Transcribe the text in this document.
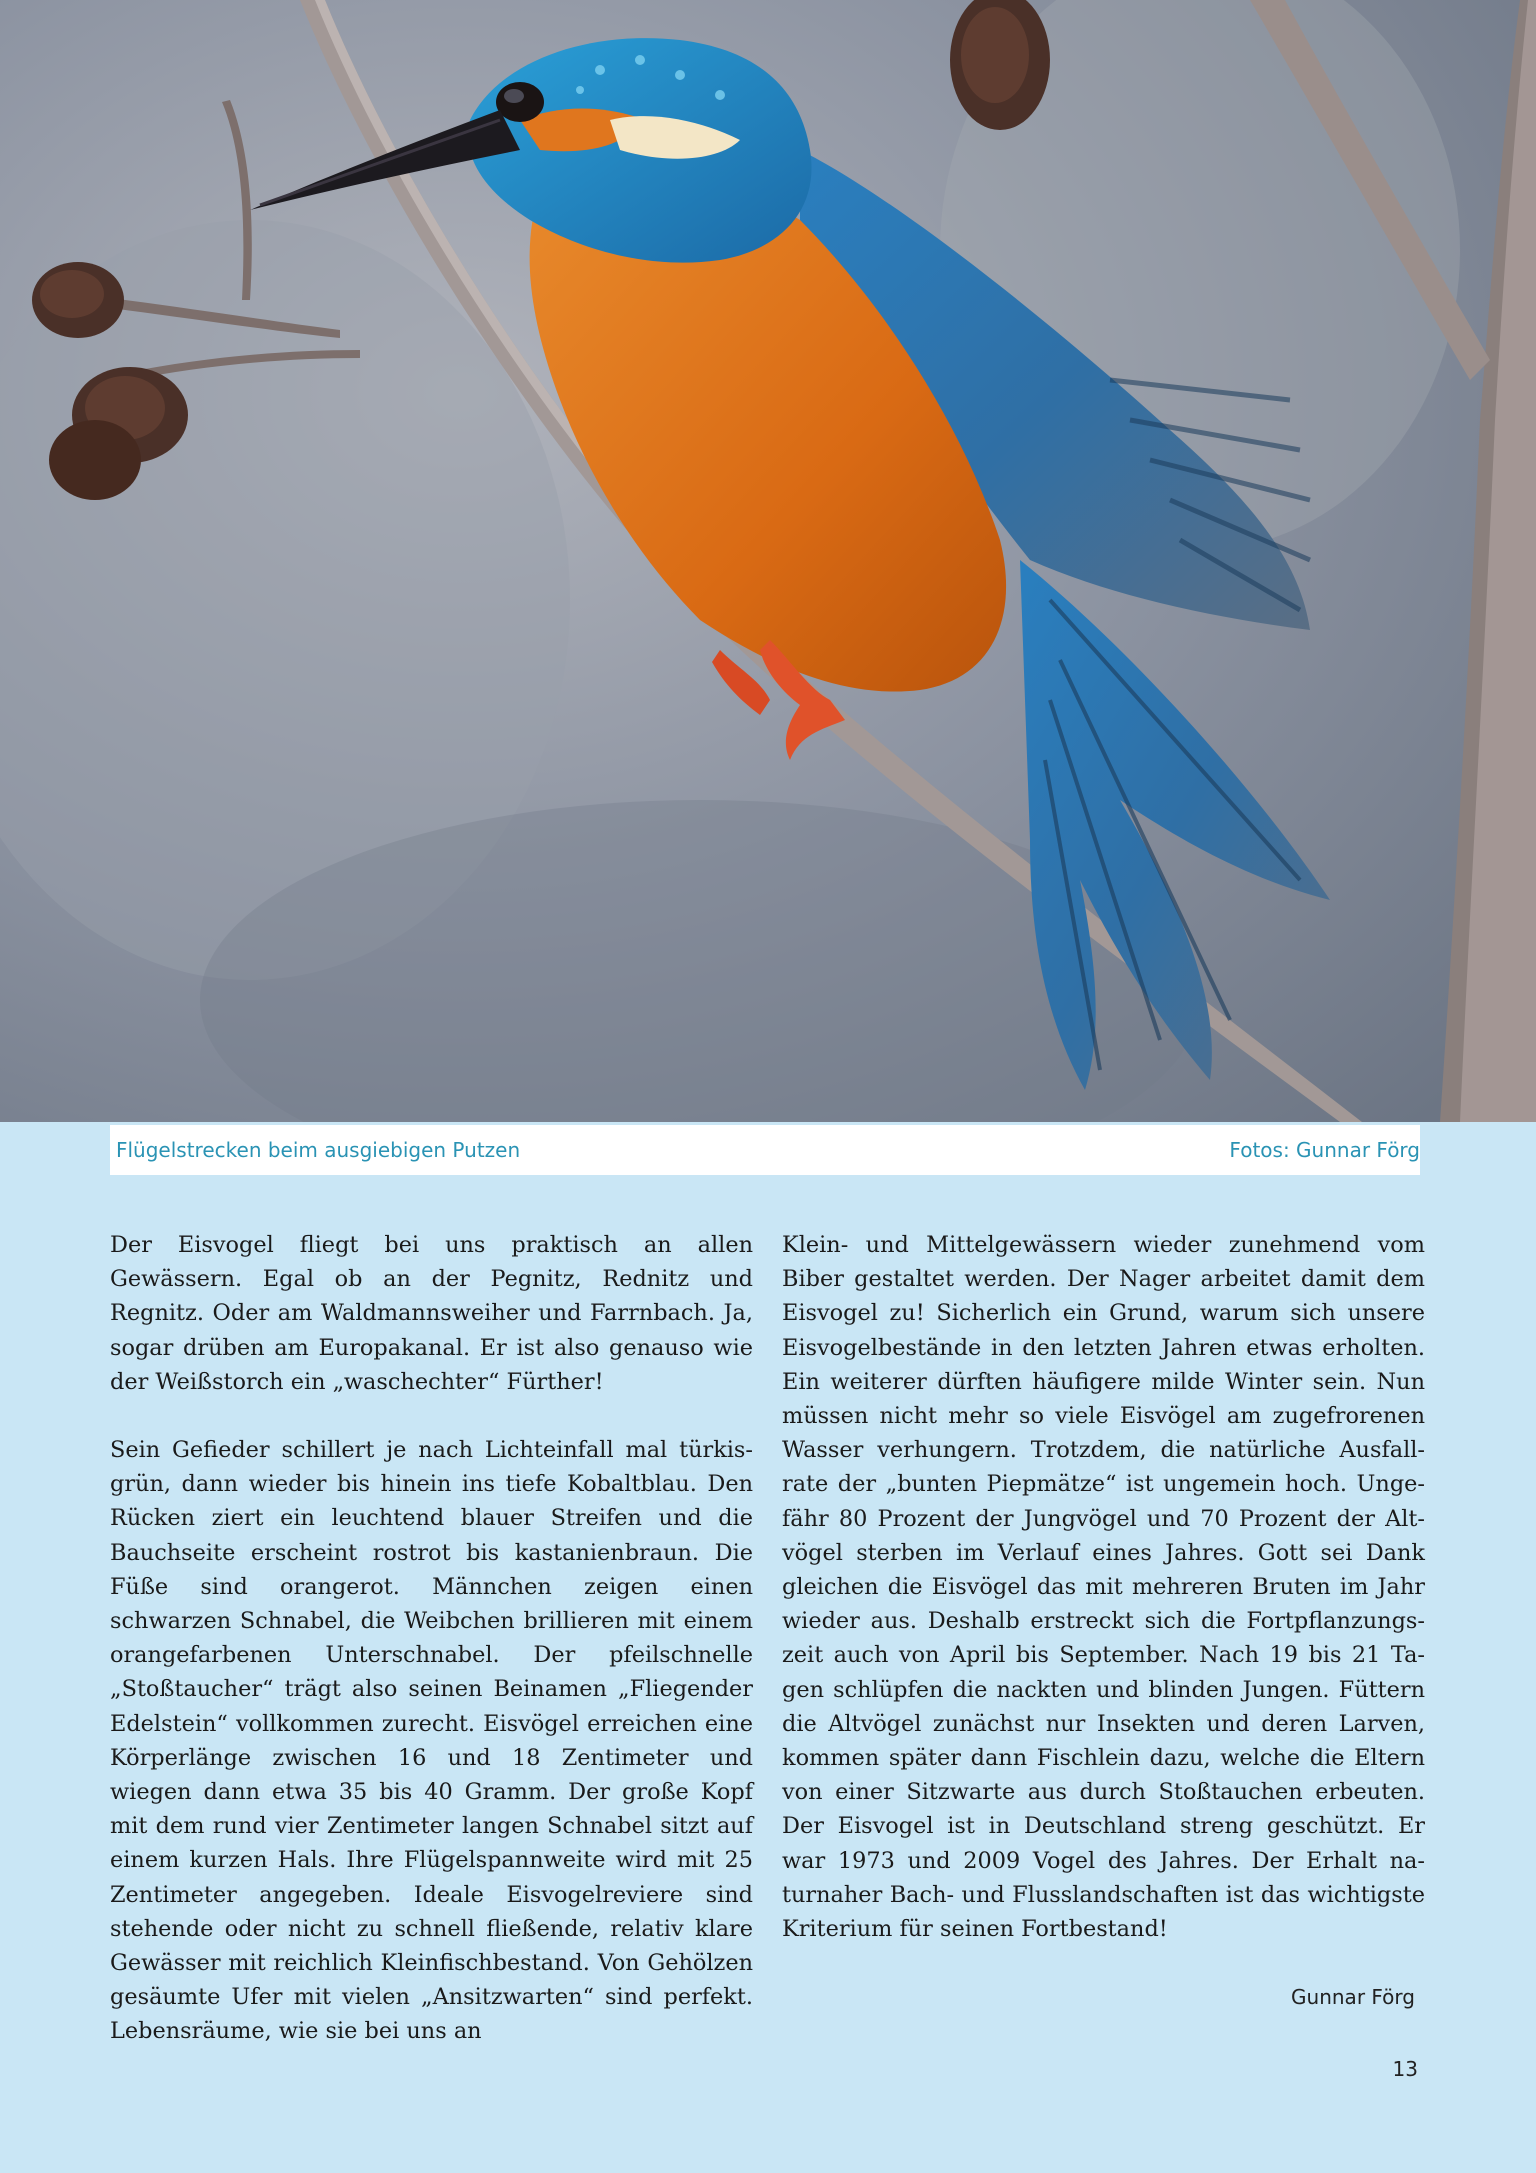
Flügelstrecken beim ausgiebigen Putzen	Fotos: Gunnar Förg

Der Eisvogel fliegt bei uns praktisch an allen Gewässern. Egal ob an der Pegnitz, Rednitz und Regnitz. Oder am Waldmannsweiher und Farrnbach. Ja, sogar drüben am Europakanal. Er ist also genauso wie der Weißstorch ein „waschechter“ Fürther!

Sein Gefieder schillert je nach Lichteinfall mal türkisgrün, dann wieder bis hinein ins tiefe Kobaltblau. Den Rücken ziert ein leuchtend blauer Streifen und die Bauchseite erscheint rostrot bis kastanienbraun. Die Füße sind orangerot. Männchen zeigen einen schwarzen Schnabel, die Weibchen brillieren mit einem orangefarbenen Unterschnabel. Der pfeilschnelle „Stoßtaucher“ trägt also seinen Beinamen „Fliegender Edelstein“ vollkommen zurecht. Eisvögel erreichen eine Körperlänge zwischen 16 und 18 Zentimeter und wiegen dann etwa 35 bis 40 Gramm. Der große Kopf mit dem rund vier Zentimeter langen Schnabel sitzt auf einem kurzen Hals. Ihre Flügelspannweite wird mit 25 Zentimeter angegeben. Ideale Eisvogelreviere sind stehende oder nicht zu schnell fließende, relativ klare Gewässer mit reichlich Kleinfischbestand. Von Gehölzen gesäumte Ufer mit vielen „Ansitzwarten“ sind perfekt. Lebensräume, wie sie bei uns an

Klein- und Mittelgewässern wieder zunehmend vom Biber gestaltet werden. Der Nager arbeitet damit dem Eisvogel zu! Sicherlich ein Grund, warum sich unsere Eisvogelbestände in den letzten Jahren etwas erholten. Ein weiterer dürften häufigere milde Winter sein. Nun müssen nicht mehr so viele Eisvögel am zugefrorenen Wasser verhungern. Trotzdem, die natürliche Ausfallrate der „bunten Piepmätze“ ist ungemein hoch. Ungefähr 80 Prozent der Jungvögel und 70 Prozent der Altvögel sterben im Verlauf eines Jahres. Gott sei Dank gleichen die Eisvögel das mit mehreren Bruten im Jahr wieder aus. Deshalb erstreckt sich die Fortpflanzungszeit auch von April bis September. Nach 19 bis 21 Tagen schlüpfen die nackten und blinden Jungen. Füttern die Altvögel zunächst nur Insekten und deren Larven, kommen später dann Fischlein dazu, welche die Eltern von einer Sitzwarte aus durch Stoßtauchen erbeuten. Der Eisvogel ist in Deutschland streng geschützt. Er war 1973 und 2009 Vogel des Jahres. Der Erhalt naturnaher Bach- und Flusslandschaften ist das wichtigste Kriterium für seinen Fortbestand!

Gunnar Förg
13
